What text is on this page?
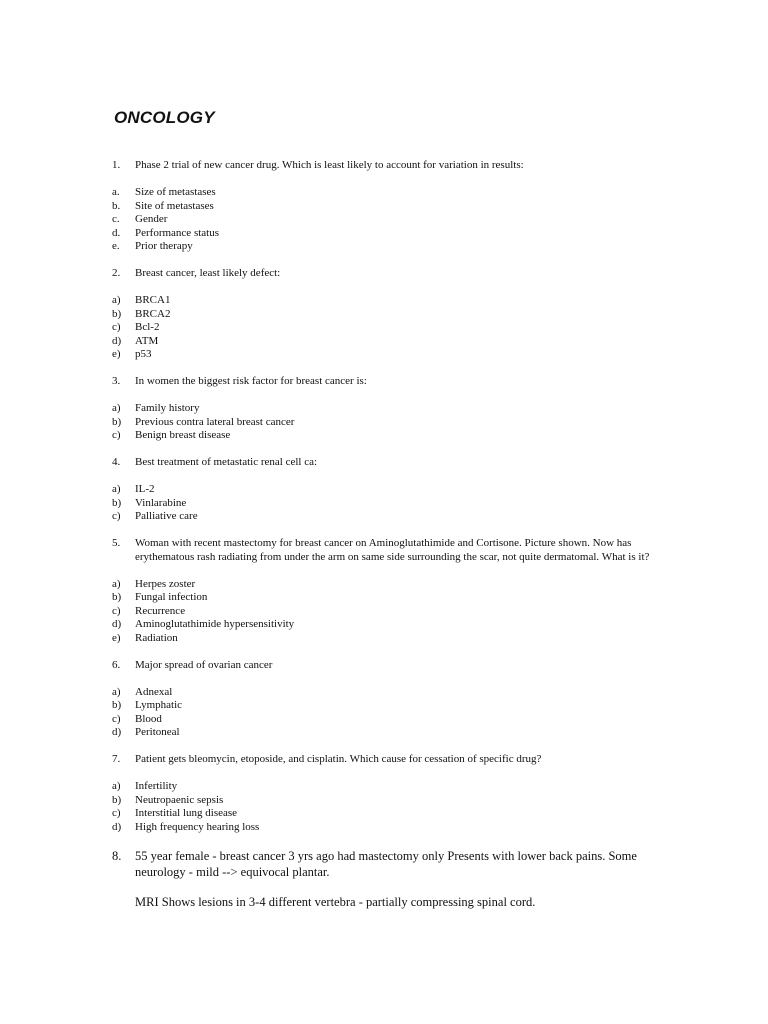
ONCOLOGY
1.	Phase 2 trial of new cancer drug. Which is least likely to account for variation in results:
a.	Size of metastases
b.	Site of metastases
c.	Gender
d.	Performance status
e.	Prior therapy
2.	Breast cancer, least likely defect:
a)	BRCA1
b)	BRCA2
c)	Bcl-2
d)	ATM
e)	p53
3.	In women the biggest risk factor for breast cancer is:
a)	Family history
b)	Previous contra lateral breast cancer
c)	Benign breast disease
4.	Best treatment of metastatic renal cell ca:
a)	IL-2
b)	Vinlarabine
c)	Palliative care
5.	Woman with recent mastectomy for breast cancer on Aminoglutathimide and Cortisone. Picture shown. Now has erythematous rash radiating from under the arm on same side surrounding the scar, not quite dermatomal. What is it?
a)	Herpes zoster
b)	Fungal infection
c)	Recurrence
d)	Aminoglutathimide hypersensitivity
e)	Radiation
6.	Major spread of ovarian cancer
a)	Adnexal
b)	Lymphatic
c)	Blood
d)	Peritoneal
7.	Patient gets bleomycin, etoposide, and cisplatin. Which cause for cessation of specific drug?
a)	Infertility
b)	Neutropaenic sepsis
c)	Interstitial lung disease
d)	High frequency hearing loss
8.	55 year female - breast cancer 3 yrs ago had mastectomy only Presents with lower back pains. Some neurology - mild --> equivocal plantar.
MRI Shows lesions in 3-4 different vertebra - partially compressing spinal cord.
